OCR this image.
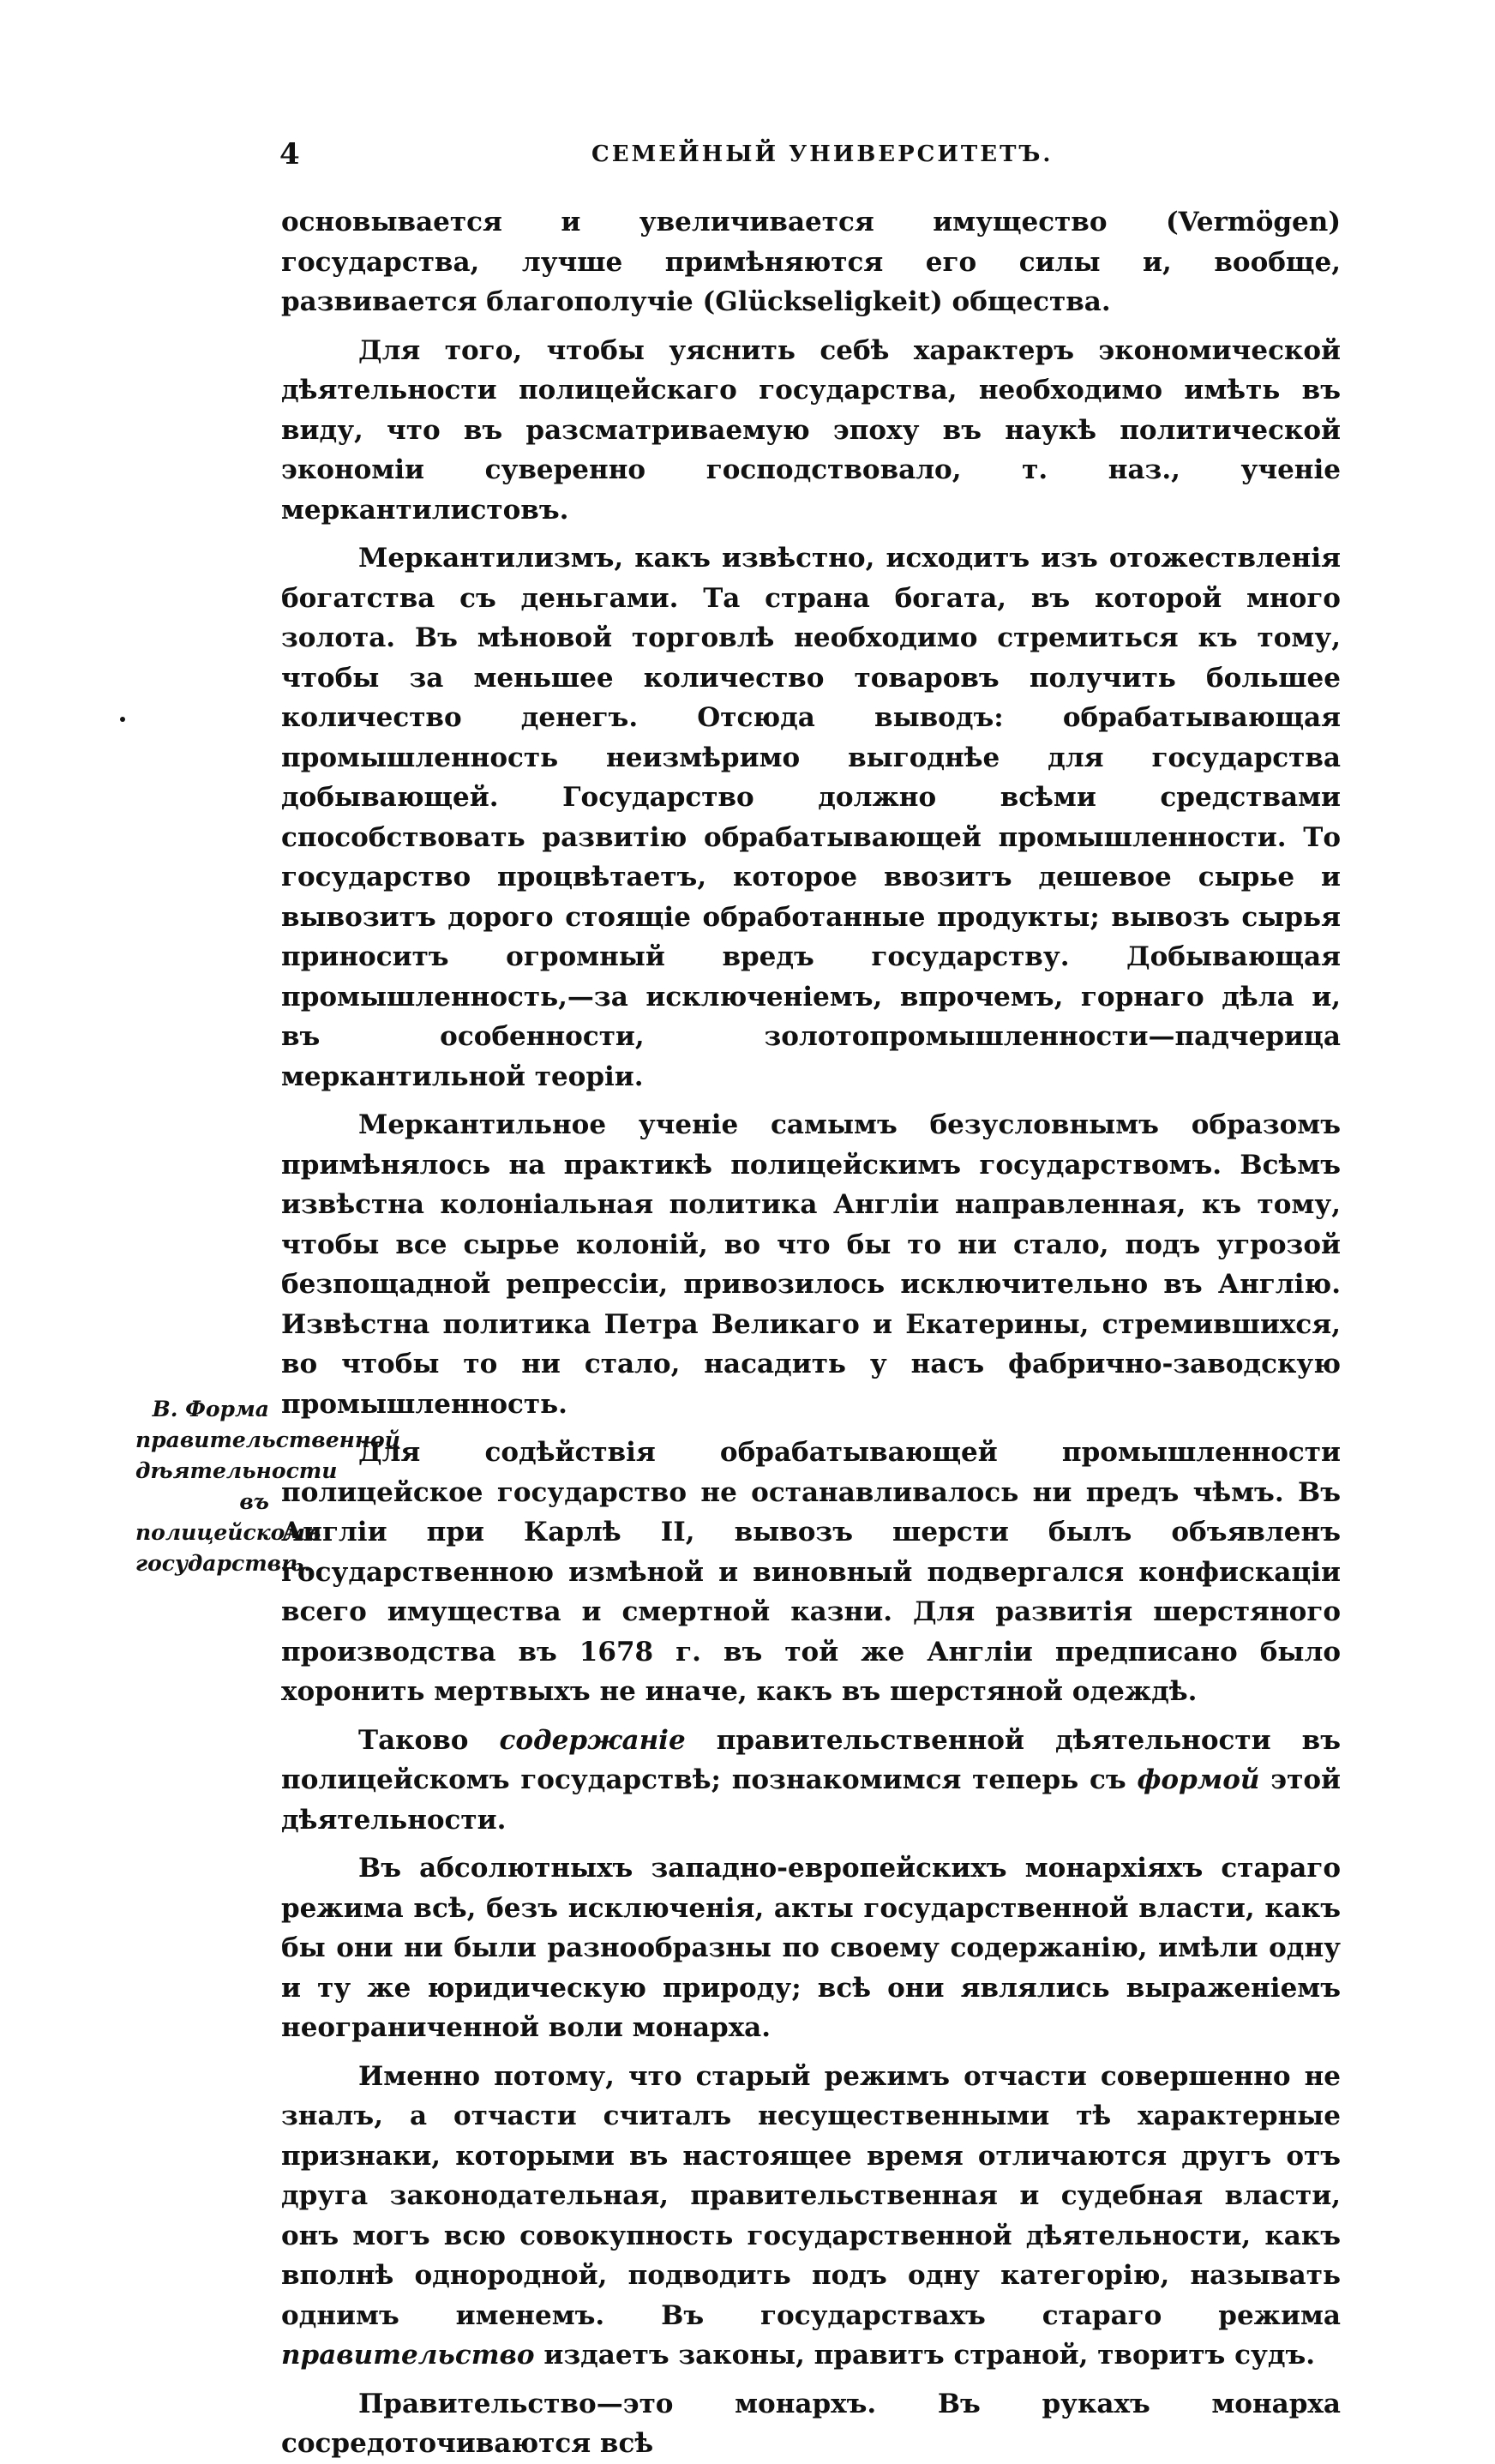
4	СЕМЕЙНЫЙ УНИВЕРСИТЕТЪ.
В. Форма правительственной дѣятельности въ полицейскомъ государствѣ.

основывается и увеличивается имущество (Vermögen) государства, лучше примѣняются его силы и, вообще, развивается благополучіе (Glückseligkeit) общества.

Для того, чтобы уяснить себѣ характеръ экономической дѣятельности полицейскаго государства, необходимо имѣть въ виду, что въ разсматриваемую эпоху въ наукѣ политической экономіи суверенно господствовало, т. наз., ученіе меркантилистовъ.

Меркантилизмъ, какъ извѣстно, исходитъ изъ отожествленія богатства съ деньгами. Та страна богата, въ которой много золота. Въ мѣновой торговлѣ необходимо стремиться къ тому, чтобы за меньшее количество товаровъ получить большее количество денегъ. Отсюда выводъ: обрабатывающая промышленность неизмѣримо выгоднѣе для государства добывающей. Государство должно всѣми средствами способствовать развитію обрабатывающей промышленности. То государство процвѣтаетъ, которое ввозитъ дешевое сырье и вывозитъ дорого стоящіе обработанные продукты; вывозъ сырья приноситъ огромный вредъ государству. Добывающая промышленность,—за исключеніемъ, впрочемъ, горнаго дѣла и, въ особенности, золотопромышленности—падчерица меркантильной теоріи.

Меркантильное ученіе самымъ безусловнымъ образомъ примѣнялось на практикѣ полицейскимъ государствомъ. Всѣмъ извѣстна колоніальная политика Англіи направленная, къ тому, чтобы все сырье колоній, во что бы то ни стало, подъ угрозой безпощадной репрессіи, привозилось исключительно въ Англію. Извѣстна политика Петра Великаго и Екатерины, стремившихся, во чтобы то ни стало, насадить у насъ фабрично-заводскую промышленность.

Для содѣйствія обрабатывающей промышленности полицейское государство не останавливалось ни предъ чѣмъ. Въ Англіи при Карлѣ II, вывозъ шерсти былъ объявленъ государственною измѣной и виновный подвергался конфискаціи всего имущества и смертной казни. Для развитія шерстяного производства въ 1678 г. въ той же Англіи предписано было хоронить мертвыхъ не иначе, какъ въ шерстяной одеждѣ.

Таково содержаніе правительственной дѣятельности въ полицейскомъ государствѣ; познакомимся теперь съ формой этой дѣятельности.

Въ абсолютныхъ западно-европейскихъ монархіяхъ стараго режима всѣ, безъ исключенія, акты государственной власти, какъ бы они ни были разнообразны по своему содержанію, имѣли одну и ту же юридическую природу; всѣ они являлись выраженіемъ неограниченной воли монарха.

Именно потому, что старый режимъ отчасти совершенно не зналъ, а отчасти считалъ несущественными тѣ характерные признаки, которыми въ настоящее время отличаются другъ отъ друга законодательная, правительственная и судебная власти, онъ могъ всю совокупность государственной дѣятельности, какъ вполнѣ однородной, подводить подъ одну категорію, называть однимъ именемъ. Въ государствахъ стараго режима правительство издаетъ законы, правитъ страной, творитъ судъ.

Правительство—это монархъ. Въ рукахъ монарха сосредоточиваются всѣ
